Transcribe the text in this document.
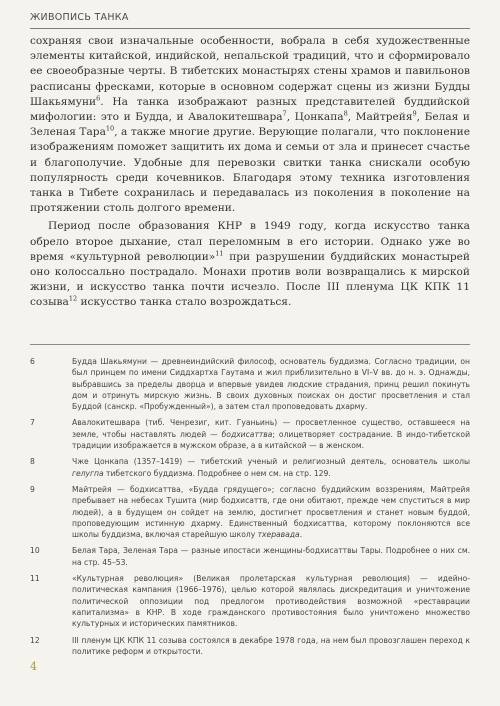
ЖИВОПИСЬ ТАНКА

сохраняя свои изначальные особенности, вобрала в себя художественные элементы китайской, индийской, непальской традиций, что и сформировало ее своеобразные черты. В тибетских монастырях стены храмов и павильонов расписаны фресками, которые в основном содержат сцены из жизни Будды Шакьямуни$^6$. На танка изображают разных представителей буддийской мифологии: это и Будда, и Авалокитешвара$^7$, Цонкапа$^8$, Майтрейя$^9$, Белая и Зеленая Тара$^{10}$, а также многие другие. Верующие полагали, что поклонение изображениям поможет защитить их дома и семьи от зла и принесет счастье и благополучие. Удобные для перевозки свитки танка снискали особую популярность среди кочевников. Благодаря этому техника изготовления танка в Тибете сохранилась и передавалась из поколения в поколение на протяжении столь долгого времени.

Период после образования КНР в 1949 году, когда искусство танка обрело второе дыхание, стал переломным в его истории. Однако уже во время «культурной революции»$^{11}$ при разрушении буддийских монастырей оно колоссально пострадало. Монахи против воли возвращались к мирской жизни, и искусство танка почти исчезло. После III пленума ЦК КПК 11 созыва$^{12}$ искусство танка стало возрождаться.

6	Будда Шакьямуни — древнеиндийский философ, основатель буддизма. Согласно традиции, он был принцем по имени Сиддхартха Гаутама и жил приблизительно в VI–V вв. до н. э. Однажды, выбравшись за пределы дворца и впервые увидев людские страдания, принц решил покинуть дом и отринуть мирскую жизнь. В своих духовных поисках он достиг просветления и стал Буддой (санскр. «Пробужденный»), а затем стал проповедовать дхарму.
7	Авалокитешвара (тиб. Ченрезиг, кит. Гуаньинь) — просветленное существо, оставшееся на земле, чтобы наставлять людей — бодхисаттва; олицетворяет сострадание. В индо-тибетской традиции изображается в мужском образе, а в китайской — в женском.
8	Чже Цонкапа (1357–1419) — тибетский ученый и религиозный деятель, основатель школы гелугпа тибетского буддизма. Подробнее о нем см. на стр. 129.
9	Майтрейя — бодхисаттва, «Будда грядущего»; согласно буддийским воззрениям, Майтрейя пребывает на небесах Тушита (мир бодхисаттв, где они обитают, прежде чем спуститься в мир людей), а в будущем он сойдет на землю, достигнет просветления и станет новым буддой, проповедующим истинную дхарму. Единственный бодхисаттва, которому поклоняются все школы буддизма, включая старейшую школу тхеравада.
10	Белая Тара, Зеленая Тара — разные ипостаси женщины-бодхисаттвы Тары. Подробнее о них см. на стр. 45–53.
11	«Культурная революция» (Великая пролетарская культурная революция) — идейно-политическая кампания (1966–1976), целью которой являлась дискредитация и уничтожение политической оппозиции под предлогом противодействия возможной «реставрации капитализма» в КНР. В ходе гражданского противостояния было уничтожено множество культурных и исторических памятников.
12	III пленум ЦК КПК 11 созыва состоялся в декабре 1978 года, на нем был провозглашен переход к политике реформ и открытости.
4
